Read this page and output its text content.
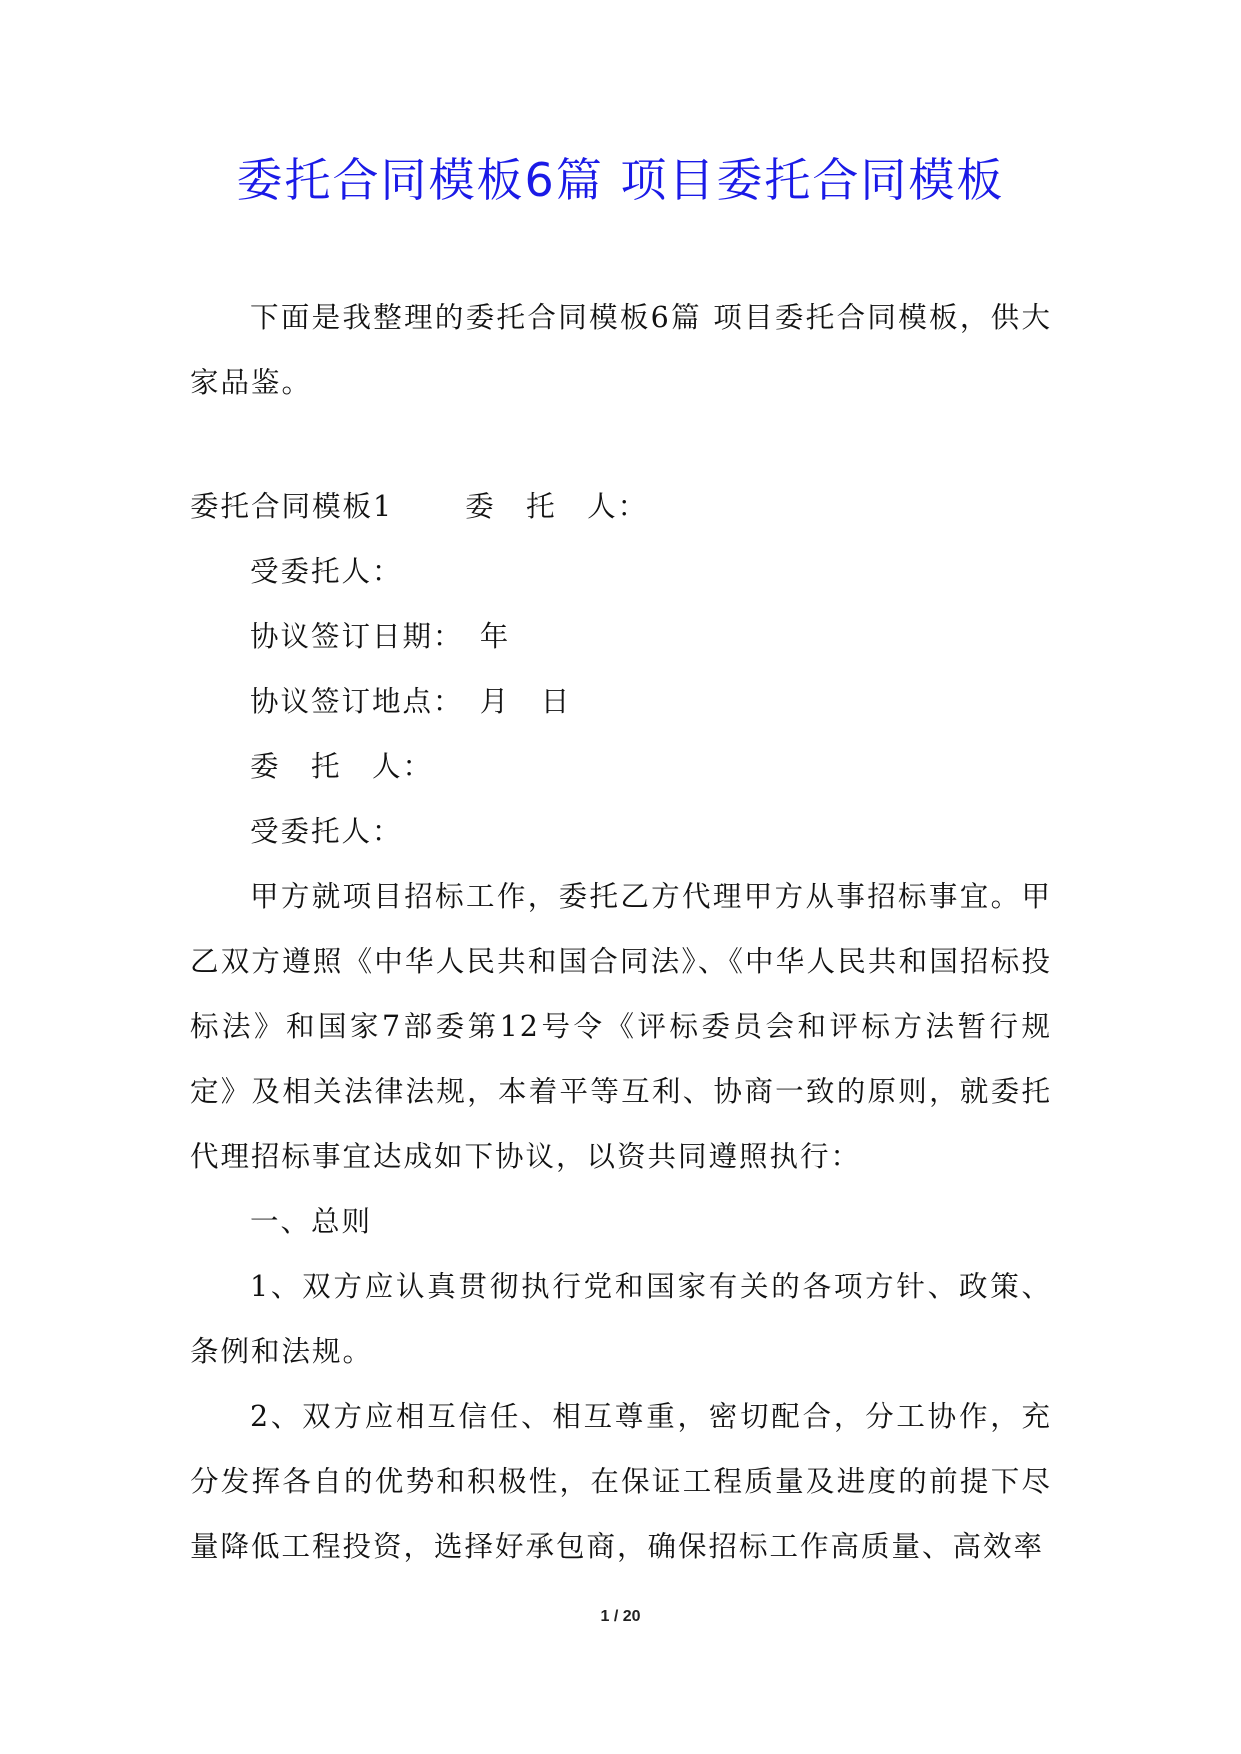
委托合同模板6篇 项目委托合同模板

下面是我整理的委托合同模板6篇 项目委托合同模板，供大家品鉴。

委托合同模板1	委　托　人：

受委托人：

协议签订日期：　年

协议签订地点：　月　日

委　托　人：

受委托人：

甲方就项目招标工作，委托乙方代理甲方从事招标事宜。甲乙双方遵照《中华人民共和国合同法》、《中华人民共和国招标投标法》和国家7部委第12号令《评标委员会和评标方法暂行规定》及相关法律法规，本着平等互利、协商一致的原则，就委托代理招标事宜达成如下协议，以资共同遵照执行：

一、总则

1、双方应认真贯彻执行党和国家有关的各项方针、政策、条例和法规。

2、双方应相互信任、相互尊重，密切配合，分工协作，充分发挥各自的优势和积极性，在保证工程质量及进度的前提下尽量降低工程投资，选择好承包商，确保招标工作高质量、高效率

1 / 20
